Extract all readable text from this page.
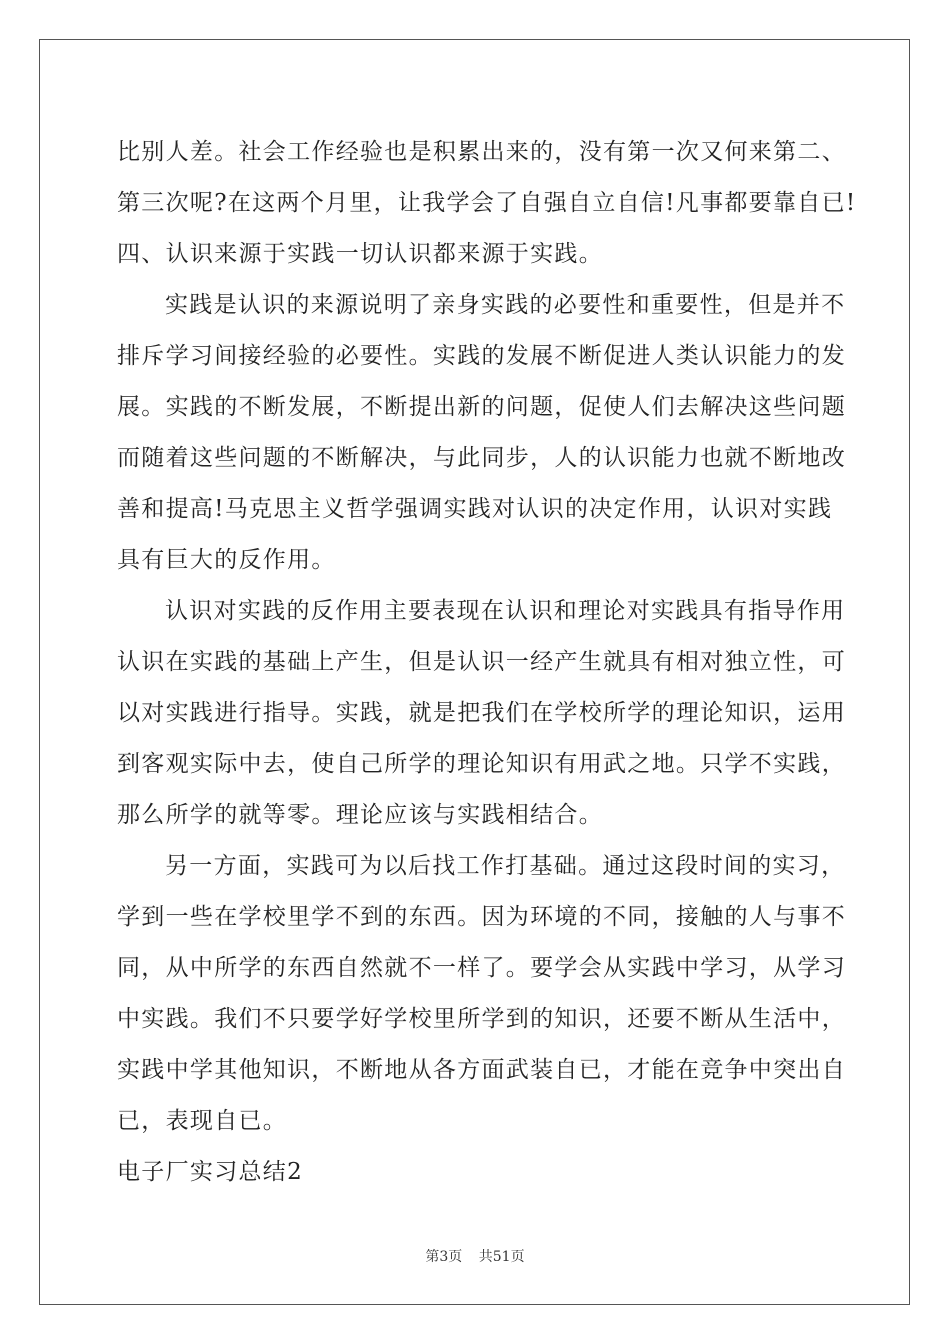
比别人差。社会工作经验也是积累出来的，没有第一次又何来第二、
第三次呢?在这两个月里，让我学会了自强自立自信!凡事都要靠自已!
四、认识来源于实践一切认识都来源于实践。
实践是认识的来源说明了亲身实践的必要性和重要性，但是并不
排斥学习间接经验的必要性。实践的发展不断促进人类认识能力的发
展。实践的不断发展，不断提出新的问题，促使人们去解决这些问题
而随着这些问题的不断解决，与此同步，人的认识能力也就不断地改
善和提高!马克思主义哲学强调实践对认识的决定作用，认识对实践
具有巨大的反作用。
认识对实践的反作用主要表现在认识和理论对实践具有指导作用
认识在实践的基础上产生，但是认识一经产生就具有相对独立性，可
以对实践进行指导。实践，就是把我们在学校所学的理论知识，运用
到客观实际中去，使自己所学的理论知识有用武之地。只学不实践，
那么所学的就等零。理论应该与实践相结合。
另一方面，实践可为以后找工作打基础。通过这段时间的实习，
学到一些在学校里学不到的东西。因为环境的不同，接触的人与事不
同，从中所学的东西自然就不一样了。要学会从实践中学习，从学习
中实践。我们不只要学好学校里所学到的知识，还要不断从生活中，
实践中学其他知识，不断地从各方面武装自已，才能在竞争中突出自
已，表现自已。
电子厂实习总结2
第3页 共51页
